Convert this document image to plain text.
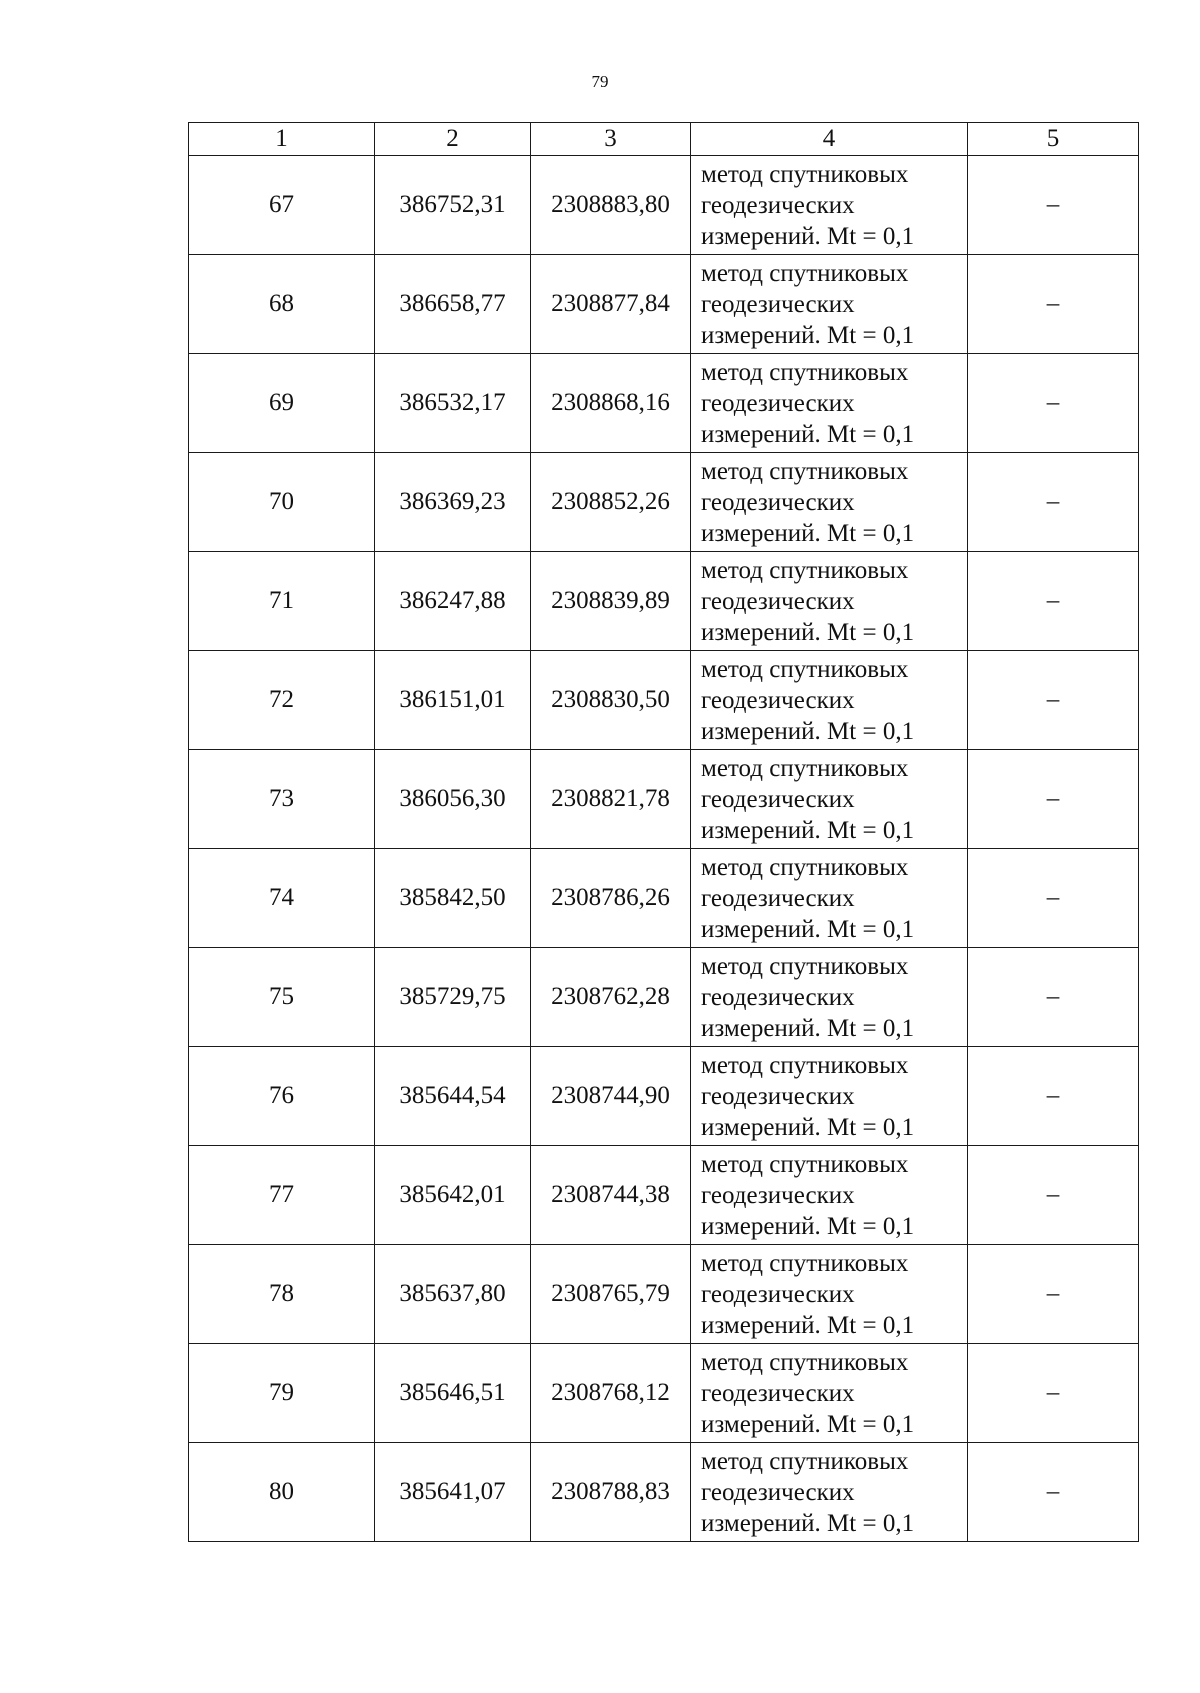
79
1	2	3	4	5
67	386752,31	2308883,80	метод спутниковых
геодезических
измерений. Mt = 0,1	–
68	386658,77	2308877,84	метод спутниковых
геодезических
измерений. Mt = 0,1	–
69	386532,17	2308868,16	метод спутниковых
геодезических
измерений. Mt = 0,1	–
70	386369,23	2308852,26	метод спутниковых
геодезических
измерений. Mt = 0,1	–
71	386247,88	2308839,89	метод спутниковых
геодезических
измерений. Mt = 0,1	–
72	386151,01	2308830,50	метод спутниковых
геодезических
измерений. Mt = 0,1	–
73	386056,30	2308821,78	метод спутниковых
геодезических
измерений. Mt = 0,1	–
74	385842,50	2308786,26	метод спутниковых
геодезических
измерений. Mt = 0,1	–
75	385729,75	2308762,28	метод спутниковых
геодезических
измерений. Mt = 0,1	–
76	385644,54	2308744,90	метод спутниковых
геодезических
измерений. Mt = 0,1	–
77	385642,01	2308744,38	метод спутниковых
геодезических
измерений. Mt = 0,1	–
78	385637,80	2308765,79	метод спутниковых
геодезических
измерений. Mt = 0,1	–
79	385646,51	2308768,12	метод спутниковых
геодезических
измерений. Mt = 0,1	–
80	385641,07	2308788,83	метод спутниковых
геодезических
измерений. Mt = 0,1	–
